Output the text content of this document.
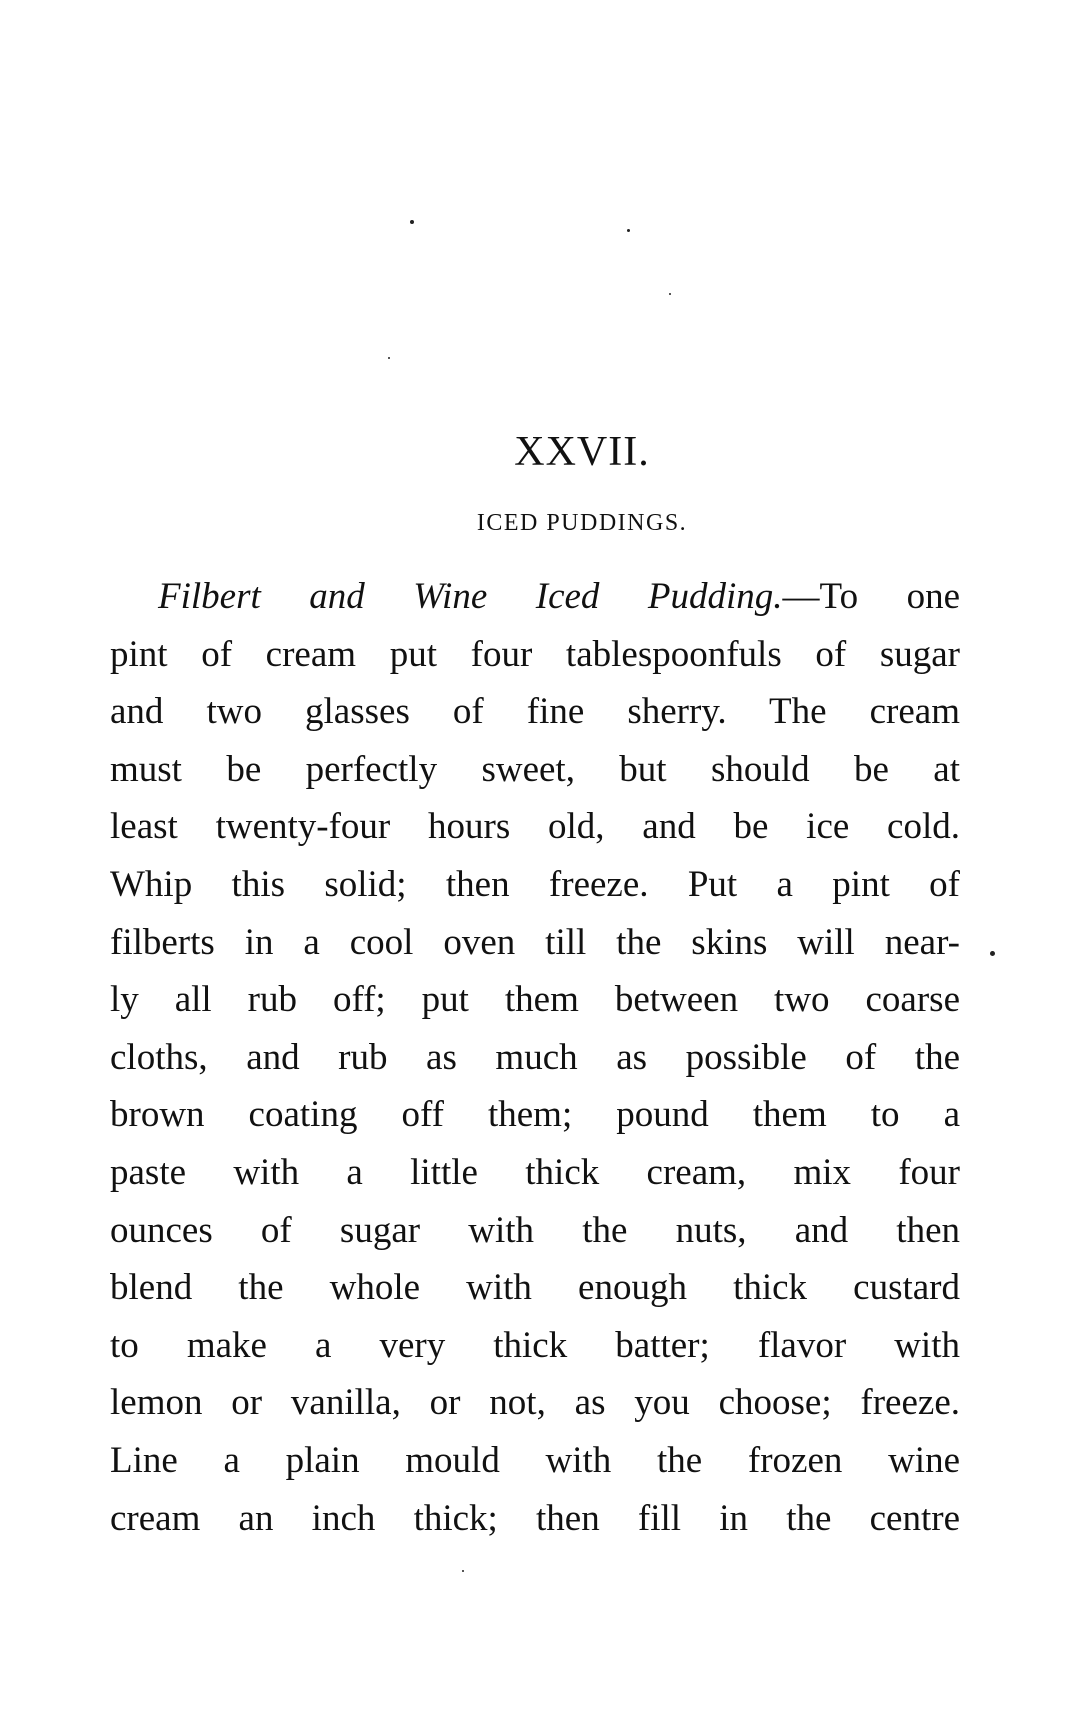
XXVII.
ICED PUDDINGS.
Filbert and Wine Iced Pudding.—To one
pint of cream put four tablespoonfuls of sugar
and two glasses of fine sherry. The cream
must be perfectly sweet, but should be at
least twenty-four hours old, and be ice cold.
Whip this solid; then freeze. Put a pint of
filberts in a cool oven till the skins will near-
ly all rub off; put them between two coarse
cloths, and rub as much as possible of the
brown coating off them; pound them to a
paste with a little thick cream, mix four
ounces of sugar with the nuts, and then
blend the whole with enough thick custard
to make a very thick batter; flavor with
lemon or vanilla, or not, as you choose; freeze.
Line a plain mould with the frozen wine
cream an inch thick; then fill in the centre
